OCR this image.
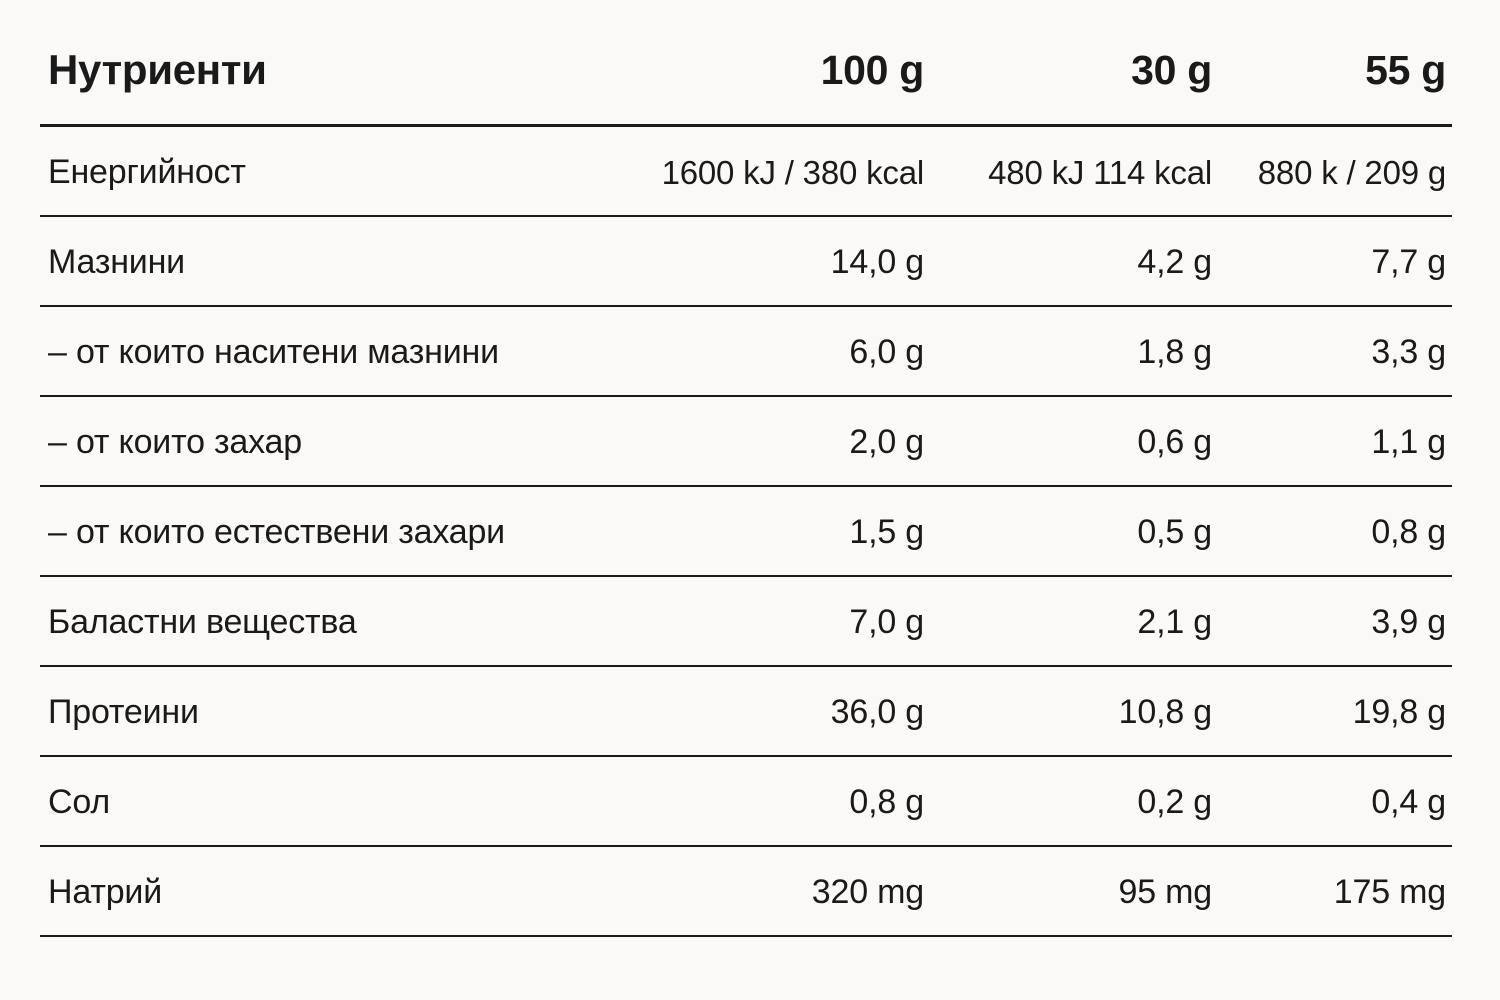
Нутриенти	100 g	30 g	55 g
Енергийност	1600 kJ / 380 kcal	480 kJ 114 kcal	880 k / 209 g
Мазнини	14,0 g	4,2 g	7,7 g
– от които наситени мазнини	6,0 g	1,8 g	3,3 g
– от които захар	2,0 g	0,6 g	1,1 g
– от които естествени захари	1,5 g	0,5 g	0,8 g
Баластни вещества	7,0 g	2,1 g	3,9 g
Протеини	36,0 g	10,8 g	19,8 g
Сол	0,8 g	0,2 g	0,4 g
Натрий	320 mg	95 mg	175 mg
